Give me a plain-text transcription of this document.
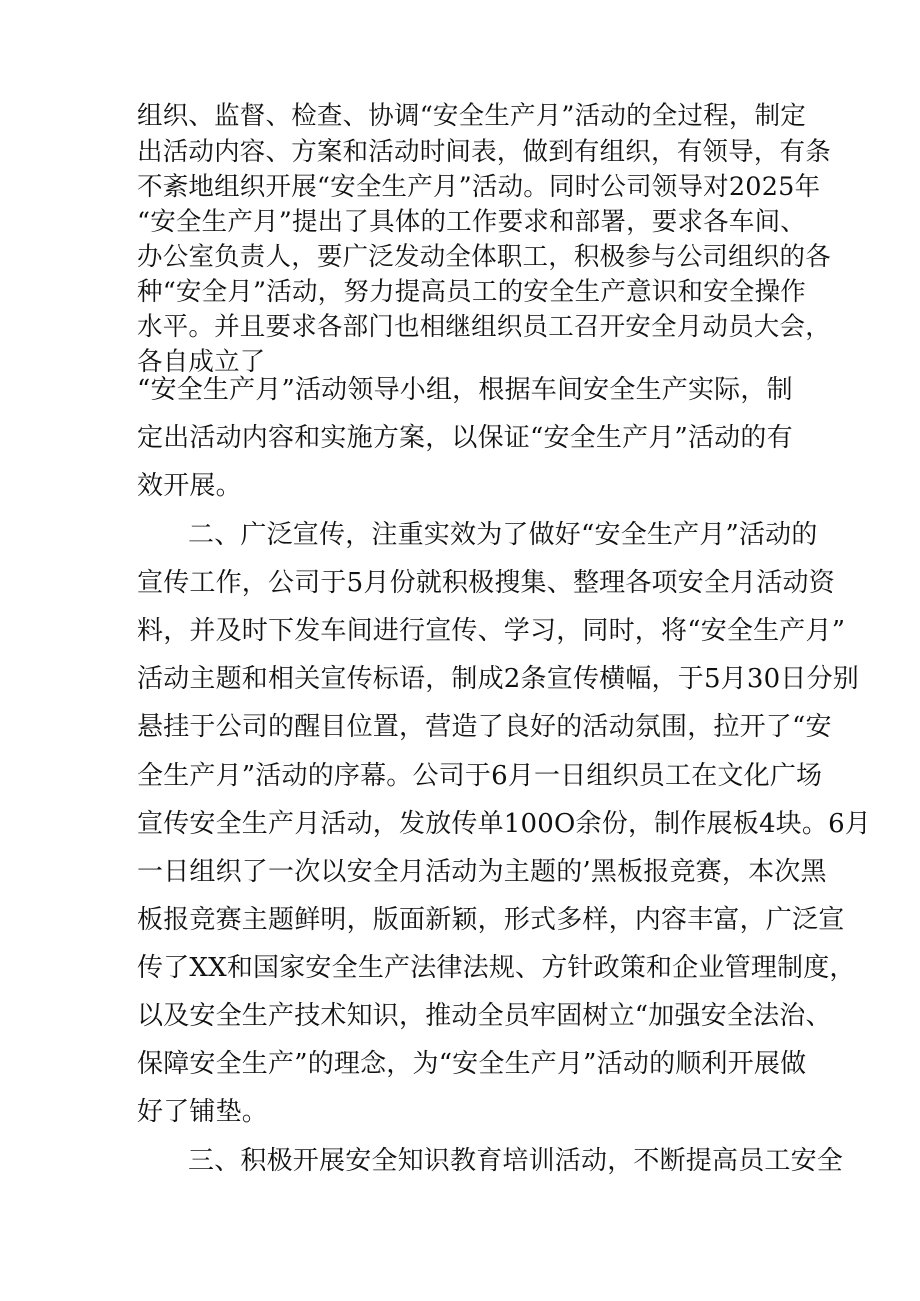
组织、监督、检查、协调“安全生产月”活动的全过程，制定

出活动内容、方案和活动时间表，做到有组织，有领导，有条

不紊地组织开展“安全生产月”活动。同时公司领导对2025年

“安全生产月”提出了具体的工作要求和部署，要求各车间、

办公室负责人，要广泛发动全体职工，积极参与公司组织的各

种“安全月”活动，努力提高员工的安全生产意识和安全操作

水平。并且要求各部门也相继组织员工召开安全月动员大会，

各自成立了

“安全生产月”活动领导小组，根据车间安全生产实际，制

定出活动内容和实施方案，以保证“安全生产月”活动的有

效开展。

二、广泛宣传，注重实效为了做好“安全生产月”活动的

宣传工作，公司于5月份就积极搜集、整理各项安全月活动资

料，并及时下发车间进行宣传、学习，同时，将“安全生产月”

活动主题和相关宣传标语，制成2条宣传横幅，于5月30日分别

悬挂于公司的醒目位置，营造了良好的活动氛围，拉开了“安

全生产月”活动的序幕。公司于6月一日组织员工在文化广场

宣传安全生产月活动，发放传单100O余份，制作展板4块。6月

一日组织了一次以安全月活动为主题的’黑板报竞赛，本次黑

板报竞赛主题鲜明，版面新颖，形式多样，内容丰富，广泛宣

传了XX和国家安全生产法律法规、方针政策和企业管理制度，

以及安全生产技术知识，推动全员牢固树立“加强安全法治、

保障安全生产”的理念，为“安全生产月”活动的顺利开展做

好了铺垫。

三、积极开展安全知识教育培训活动，不断提高员工安全
